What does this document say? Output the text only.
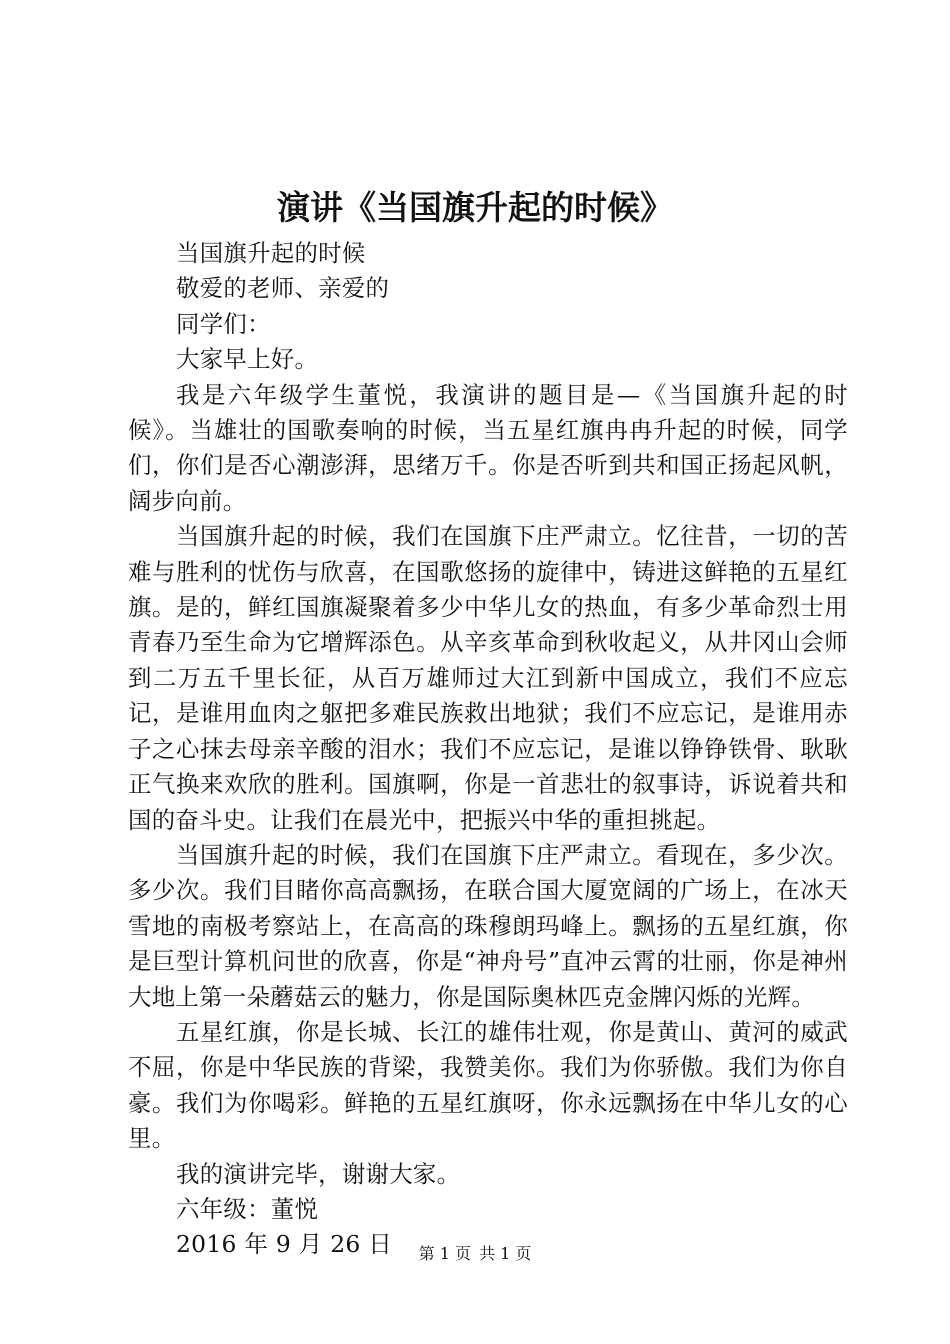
演讲《当国旗升起的时候》

当国旗升起的时候

敬爱的老师、亲爱的

同学们：

大家早上好。

我是六年级学生董悦，我演讲的题目是—《当国旗升起的时候》。当雄壮的国歌奏响的时候，当五星红旗冉冉升起的时候，同学们，你们是否心潮澎湃，思绪万千。你是否听到共和国正扬起风帆，阔步向前。

当国旗升起的时候，我们在国旗下庄严肃立。忆往昔，一切的苦难与胜利的忧伤与欣喜，在国歌悠扬的旋律中，铸进这鲜艳的五星红旗。是的，鲜红国旗凝聚着多少中华儿女的热血，有多少革命烈士用青春乃至生命为它增辉添色。从辛亥革命到秋收起义，从井冈山会师到二万五千里长征，从百万雄师过大江到新中国成立，我们不应忘记，是谁用血肉之躯把多难民族救出地狱；我们不应忘记，是谁用赤子之心抹去母亲辛酸的泪水；我们不应忘记，是谁以铮铮铁骨、耿耿正气换来欢欣的胜利。国旗啊，你是一首悲壮的叙事诗，诉说着共和国的奋斗史。让我们在晨光中，把振兴中华的重担挑起。

当国旗升起的时候，我们在国旗下庄严肃立。看现在，多少次。多少次。我们目睹你高高飘扬，在联合国大厦宽阔的广场上，在冰天雪地的南极考察站上，在高高的珠穆朗玛峰上。飘扬的五星红旗，你是巨型计算机问世的欣喜，你是“神舟号”直冲云霄的壮丽，你是神州大地上第一朵蘑菇云的魅力，你是国际奥林匹克金牌闪烁的光辉。

五星红旗，你是长城、长江的雄伟壮观，你是黄山、黄河的威武不屈，你是中华民族的背梁，我赞美你。我们为你骄傲。我们为你自豪。我们为你喝彩。鲜艳的五星红旗呀，你永远飘扬在中华儿女的心里。

我的演讲完毕，谢谢大家。

六年级：董悦

2016 年 9 月 26 日	第 1 页 共 1 页
